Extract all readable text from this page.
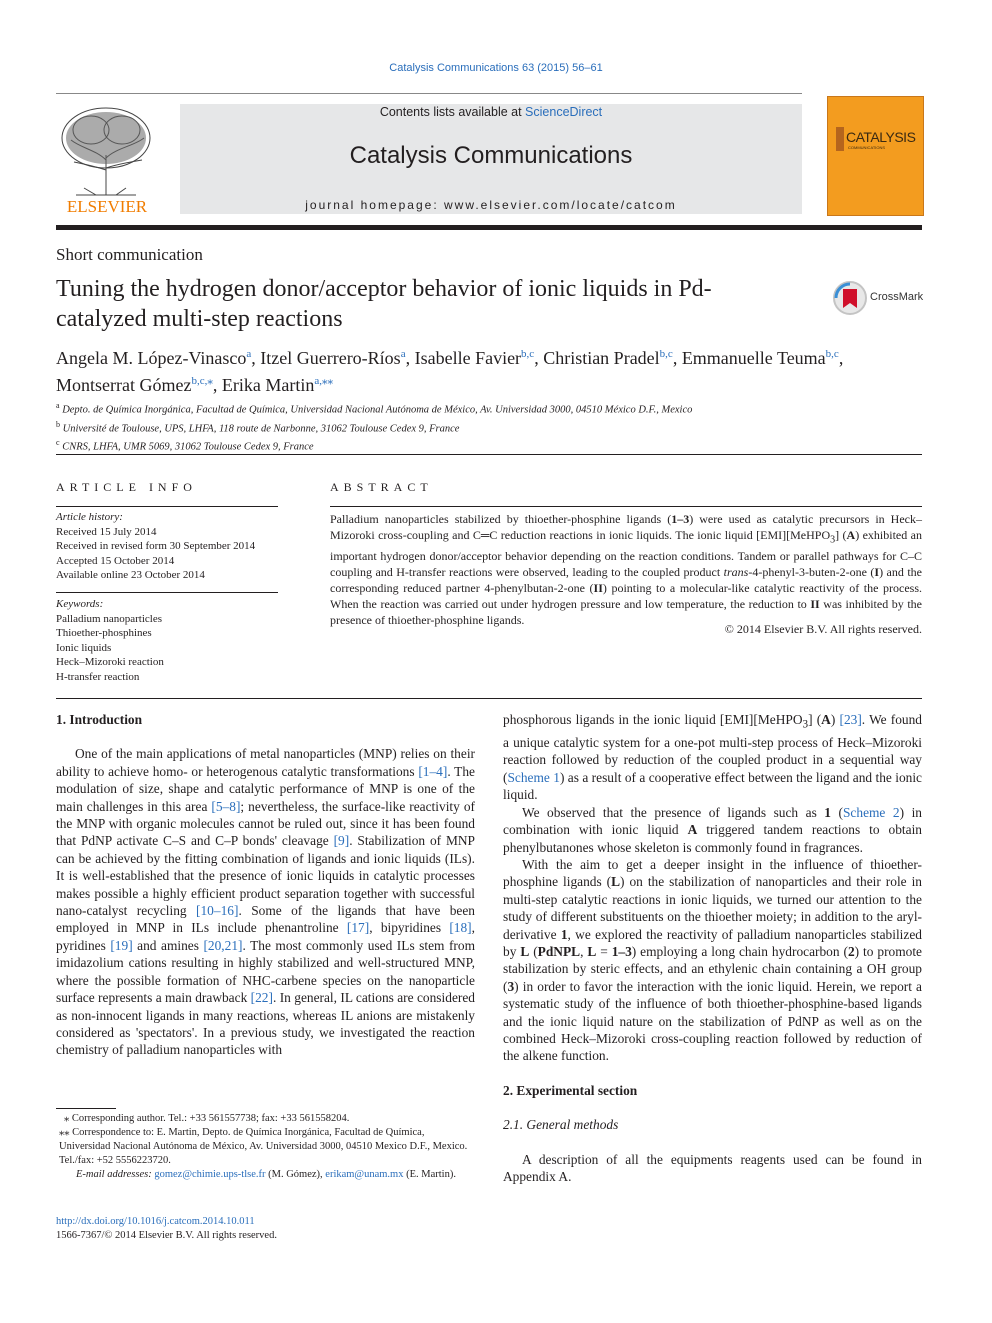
Catalysis Communications 63 (2015) 56–61
ELSEVIER
Contents lists available at ScienceDirect
Catalysis Communications
journal homepage: www.elsevier.com/locate/catcom
CATALYSIS
COMMUNICATIONS
Short communication
Tuning the hydrogen donor/acceptor behavior of ionic liquids in Pd-catalyzed multi-step reactions
CrossMark
Angela M. López-Vinasco$^a$, Itzel Guerrero-Ríos$^a$, Isabelle Favier$^{b,c}$, Christian Pradel$^{b,c}$, Emmanuelle Teuma$^{b,c}$,
Montserrat Gómez$^{b,c,⁎}$, Erika Martin$^{a,⁎⁎}$
$^a$ Depto. de Química Inorgánica, Facultad de Química, Universidad Nacional Autónoma de México, Av. Universidad 3000, 04510 México D.F., Mexico
$^b$ Université de Toulouse, UPS, LHFA, 118 route de Narbonne, 31062 Toulouse Cedex 9, France
$^c$ CNRS, LHFA, UMR 5069, 31062 Toulouse Cedex 9, France
ARTICLE INFO	ABSTRACT
Article history:
Received 15 July 2014
Received in revised form 30 September 2014
Accepted 15 October 2014
Available online 23 October 2014
Keywords:
Palladium nanoparticles
Thioether-phosphines
Ionic liquids
Heck–Mizoroki reaction
H-transfer reaction
Palladium nanoparticles stabilized by thioether-phosphine ligands (1–3) were used as catalytic precursors in Heck–Mizoroki cross-coupling and C═C reduction reactions in ionic liquids. The ionic liquid [EMI][MeHPO$_3$] (A) exhibited an important hydrogen donor/acceptor behavior depending on the reaction conditions. Tandem or parallel pathways for C–C coupling and H-transfer reactions were observed, leading to the coupled product trans-4-phenyl-3-buten-2-one (I) and the corresponding reduced partner 4-phenylbutan-2-one (II) pointing to a molecular-like catalytic reactivity of the process. When the reaction was carried out under hydrogen pressure and low temperature, the reduction to II was inhibited by the presence of thioether-phosphine ligands.
© 2014 Elsevier B.V. All rights reserved.

1. Introduction

One of the main applications of metal nanoparticles (MNP) relies on their ability to achieve homo- or heterogenous catalytic transformations [1–4]. The modulation of size, shape and catalytic performance of MNP is one of the main challenges in this area [5–8]; nevertheless, the surface-like reactivity of the MNP with organic molecules cannot be ruled out, since it has been found that PdNP activate C–S and C–P bonds' cleavage [9]. Stabilization of MNP can be achieved by the fitting combination of ligands and ionic liquids (ILs). It is well-established that the presence of ionic liquids in catalytic processes makes possible a highly efficient product separation together with successful nano-catalyst recycling [10–16]. Some of the ligands that have been employed in MNP in ILs include phenantroline [17], bipyridines [18], pyridines [19] and amines [20,21]. The most commonly used ILs stem from imidazolium cations resulting in highly stabilized and well-structured MNP, where the possible formation of NHC-carbene species on the nanoparticle surface represents a main drawback [22]. In general, IL cations are considered as non-innocent ligands in many reactions, whereas IL anions are mistakenly considered as 'spectators'. In a previous study, we investigated the reaction chemistry of palladium nanoparticles with

phosphorous ligands in the ionic liquid [EMI][MeHPO$_3$] (A) [23]. We found a unique catalytic system for a one-pot multi-step process of Heck–Mizoroki reaction followed by reduction of the coupled product in a sequential way (Scheme 1) as a result of a cooperative effect between the ligand and the ionic liquid.

We observed that the presence of ligands such as 1 (Scheme 2) in combination with ionic liquid A triggered tandem reactions to obtain phenylbutanones whose skeleton is commonly found in fragrances.

With the aim to get a deeper insight in the influence of thioether-phosphine ligands (L) on the stabilization of nanoparticles and their role in multi-step catalytic reactions in ionic liquids, we turned our attention to the study of different substituents on the thioether moiety; in addition to the aryl-derivative 1, we explored the reactivity of palladium nanoparticles stabilized by L (PdNPL, L = 1–3) employing a long chain hydrocarbon (2) to promote stabilization by steric effects, and an ethylenic chain containing a OH group (3) in order to favor the interaction with the ionic liquid. Herein, we report a systematic study of the influence of both thioether-phosphine-based ligands and the ionic liquid nature on the stabilization of PdNP as well as on the combined Heck–Mizoroki cross-coupling reaction followed by reduction of the alkene function.

2. Experimental section

2.1. General methods

A description of all the equipments reagents used can be found in Appendix A.

⁎ Corresponding author. Tel.: +33 561557738; fax: +33 561558204.
⁎⁎ Correspondence to: E. Martin, Depto. de Química Inorgánica, Facultad de Química, Universidad Nacional Autónoma de México, Av. Universidad 3000, 04510 Mexico D.F., Mexico. Tel./fax: +52 5556223720.
E-mail addresses: gomez@chimie.ups-tlse.fr (M. Gómez), erikam@unam.mx (E. Martin).
http://dx.doi.org/10.1016/j.catcom.2014.10.011
1566-7367/© 2014 Elsevier B.V. All rights reserved.
